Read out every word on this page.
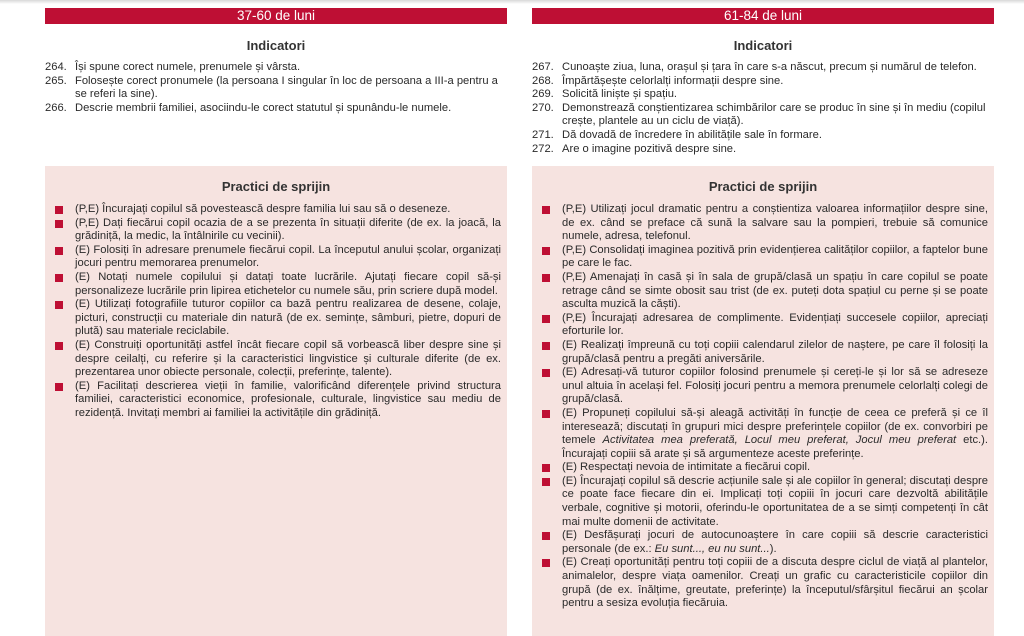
37-60 de luni
Indicatori
264. Își spune corect numele, prenumele și vârsta.
265. Folosește corect pronumele (la persoana I singular în loc de persoana a III-a pentru a se referi la sine).
266. Descrie membrii familiei, asociindu-le corect statutul și spunându-le numele.
Practici de sprijin
(P,E) Încurajați copilul să povestească despre familia lui sau să o deseneze.
(P,E) Dați fiecărui copil ocazia de a se prezenta în situații diferite (de ex. la joacă, la grădiniță, la medic, la întâlnirile cu vecinii).
(E) Folosiți în adresare prenumele fiecărui copil. La începutul anului școlar, organizați jocuri pentru memorarea prenumelor.
(E) Notați numele copilului și datați toate lucrările. Ajutați fiecare copil să-și personalizeze lucrările prin lipirea etichetelor cu numele său, prin scriere după model.
(E) Utilizați fotografiile tuturor copiilor ca bază pentru realizarea de desene, colaje, picturi, construcții cu materiale din natură (de ex. semințe, sâmburi, pietre, dopuri de plută) sau materiale reciclabile.
(E) Construiți oportunități astfel încât fiecare copil să vorbească liber despre sine și despre ceilalți, cu referire și la caracteristici lingvistice și culturale diferite (de ex. prezentarea unor obiecte personale, colecții, preferințe, talente).
(E) Facilitați descrierea vieții în familie, valorificând diferențele privind structura familiei, caracteristici economice, profesionale, culturale, lingvistice sau mediu de rezidență. Invitați membri ai familiei la activitățile din grădiniță.
61-84 de luni
Indicatori
267. Cunoaște ziua, luna, orașul și țara în care s-a născut, precum și numărul de telefon.
268. Împărtășește celorlalți informații despre sine.
269. Solicită liniște și spațiu.
270. Demonstrează conștientizarea schimbărilor care se produc în sine și în mediu (copilul crește, plantele au un ciclu de viață).
271. Dă dovadă de încredere în abilitățile sale în formare.
272. Are o imagine pozitivă despre sine.
Practici de sprijin
(P,E) Utilizați jocul dramatic pentru a conștientiza valoarea informațiilor despre sine, de ex. când se preface că sună la salvare sau la pompieri, trebuie să comunice numele, adresa, telefonul.
(P,E) Consolidați imaginea pozitivă prin evidențierea calităților copiilor, a faptelor bune pe care le fac.
(P,E) Amenajați în casă și în sala de grupă/clasă un spațiu în care copilul se poate retrage când se simte obosit sau trist (de ex. puteți dota spațiul cu perne și se poate asculta muzică la căști).
(P,E) Încurajați adresarea de complimente. Evidențiați succesele copiilor, apreciați eforturile lor.
(E) Realizați împreună cu toți copiii calendarul zilelor de naștere, pe care îl folosiți la grupă/clasă pentru a pregăti aniversările.
(E) Adresați-vă tuturor copiilor folosind prenumele și cereți-le și lor să se adreseze unul altuia în același fel. Folosiți jocuri pentru a memora prenumele celorlalți colegi de grupă/clasă.
(E) Propuneți copilului să-și aleagă activități în funcție de ceea ce preferă și ce îl interesează; discutați în grupuri mici despre preferințele copiilor (de ex. convorbiri pe temele Activitatea mea preferată, Locul meu preferat, Jocul meu preferat etc.). Încurajați copiii să arate și să argumenteze aceste preferințe.
(E) Respectați nevoia de intimitate a fiecărui copil.
(E) Încurajați copilul să descrie acțiunile sale și ale copiilor în general; discutați despre ce poate face fiecare din ei. Implicați toți copiii în jocuri care dezvoltă abilitățile verbale, cognitive și motorii, oferindu-le oportunitatea de a se simți competenți în cât mai multe domenii de activitate.
(E) Desfășurați jocuri de autocunoaștere în care copiii să descrie caracteristici personale (de ex.: Eu sunt..., eu nu sunt...).
(E) Creați oportunități pentru toți copiii de a discuta despre ciclul de viață al plantelor, animalelor, despre viața oamenilor. Creați un grafic cu caracteristicile copiilor din grupă (de ex. înălțime, greutate, preferințe) la începutul/sfârșitul fiecărui an școlar pentru a sesiza evoluția fiecăruia.
